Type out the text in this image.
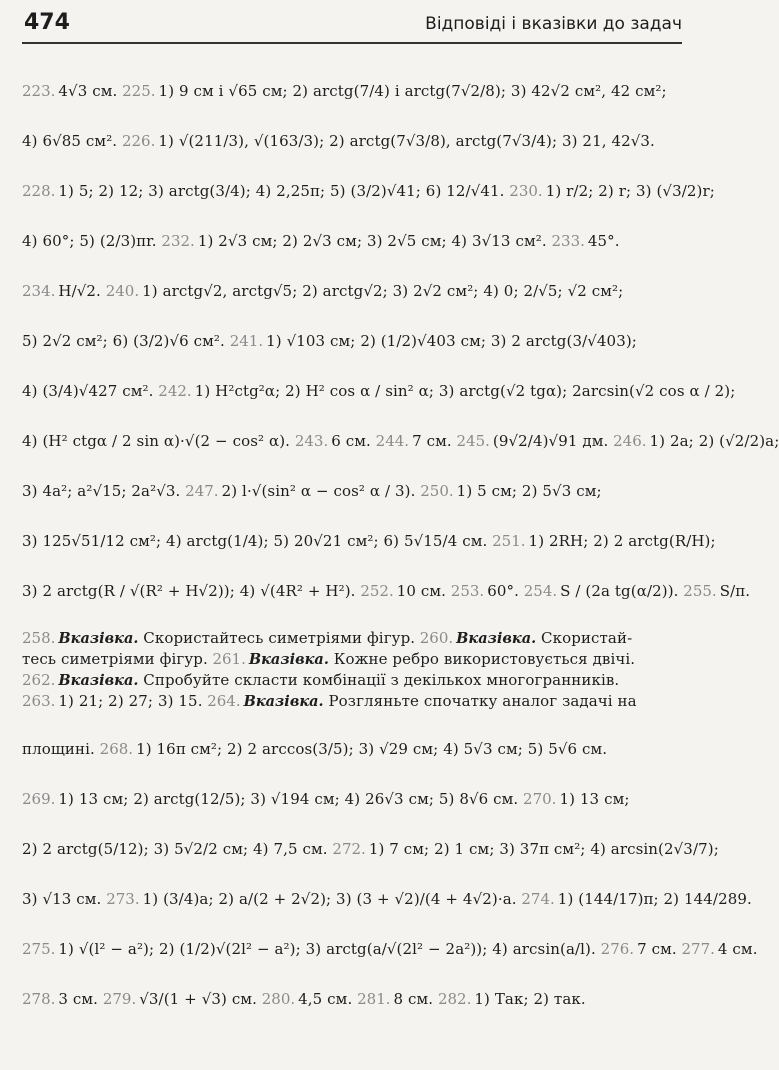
474	Відповіді і вказівки до задач
223. 4√3 см. 225. 1) 9 см і √65 см; 2) arctg(7/4) і arctg(7√2/8); 3) 42√2 см², 42 см²;
4) 6√85 см². 226. 1) √(211/3), √(163/3); 2) arctg(7√3/8), arctg(7√3/4); 3) 21, 42√3.
228. 1) 5; 2) 12; 3) arctg(3/4); 4) 2,25π; 5) (3/2)√41; 6) 12/√41. 230. 1) r/2; 2) r; 3) (√3/2)r;
4) 60°; 5) (2/3)πr. 232. 1) 2√3 см; 2) 2√3 см; 3) 2√5 см; 4) 3√13 см². 233. 45°.
234. H/√2. 240. 1) arctg√2, arctg√5; 2) arctg√2; 3) 2√2 см²; 4) 0; 2/√5; √2 см²;
5) 2√2 см²; 6) (3/2)√6 см². 241. 1) √103 см; 2) (1/2)√403 см; 3) 2 arctg(3/√403);
4) (3/4)√427 см². 242. 1) H²ctg²α; 2) H² cos α / sin² α; 3) arctg(√2 tgα); 2arcsin(√2 cos α / 2);
4) (H² ctgα / 2 sin α)·√(2 − cos² α). 243. 6 см. 244. 7 см. 245. (9√2/4)√91 дм. 246. 1) 2a; 2) (√2/2)a;
3) 4a²; a²√15; 2a²√3. 247. 2) l·√(sin² α − cos² α / 3). 250. 1) 5 см; 2) 5√3 см;
3) 125√51/12 см²; 4) arctg(1/4); 5) 20√21 см²; 6) 5√15/4 см. 251. 1) 2RH; 2) 2 arctg(R/H);
3) 2 arctg(R / √(R² + H√2)); 4) √(4R² + H²). 252. 10 см. 253. 60°. 254. S / (2a tg(α/2)). 255. S/π.
258. Вказівка. Скористайтесь симетріями фігур. 260. Вказівка. Скористай-
тесь симетріями фігур. 261. Вказівка. Кожне ребро використовується двічі.
262. Вказівка. Спробуйте скласти комбінації з декількох многогранників.
263. 1) 21; 2) 27; 3) 15. 264. Вказівка. Розгляньте спочатку аналог задачі на
площині. 268. 1) 16π см²; 2) 2 arccos(3/5); 3) √29 см; 4) 5√3 см; 5) 5√6 см.
269. 1) 13 см; 2) arctg(12/5); 3) √194 см; 4) 26√3 см; 5) 8√6 см. 270. 1) 13 см;
2) 2 arctg(5/12); 3) 5√2/2 см; 4) 7,5 см. 272. 1) 7 см; 2) 1 см; 3) 37π см²; 4) arcsin(2√3/7);
3) √13 см. 273. 1) (3/4)a; 2) a/(2 + 2√2); 3) (3 + √2)/(4 + 4√2)·a. 274. 1) (144/17)π; 2) 144/289.
275. 1) √(l² − a²); 2) (1/2)√(2l² − a²); 3) arctg(a/√(2l² − 2a²)); 4) arcsin(a/l). 276. 7 см. 277. 4 см.
278. 3 см. 279. √3/(1 + √3) см. 280. 4,5 см. 281. 8 см. 282. 1) Так; 2) так.
